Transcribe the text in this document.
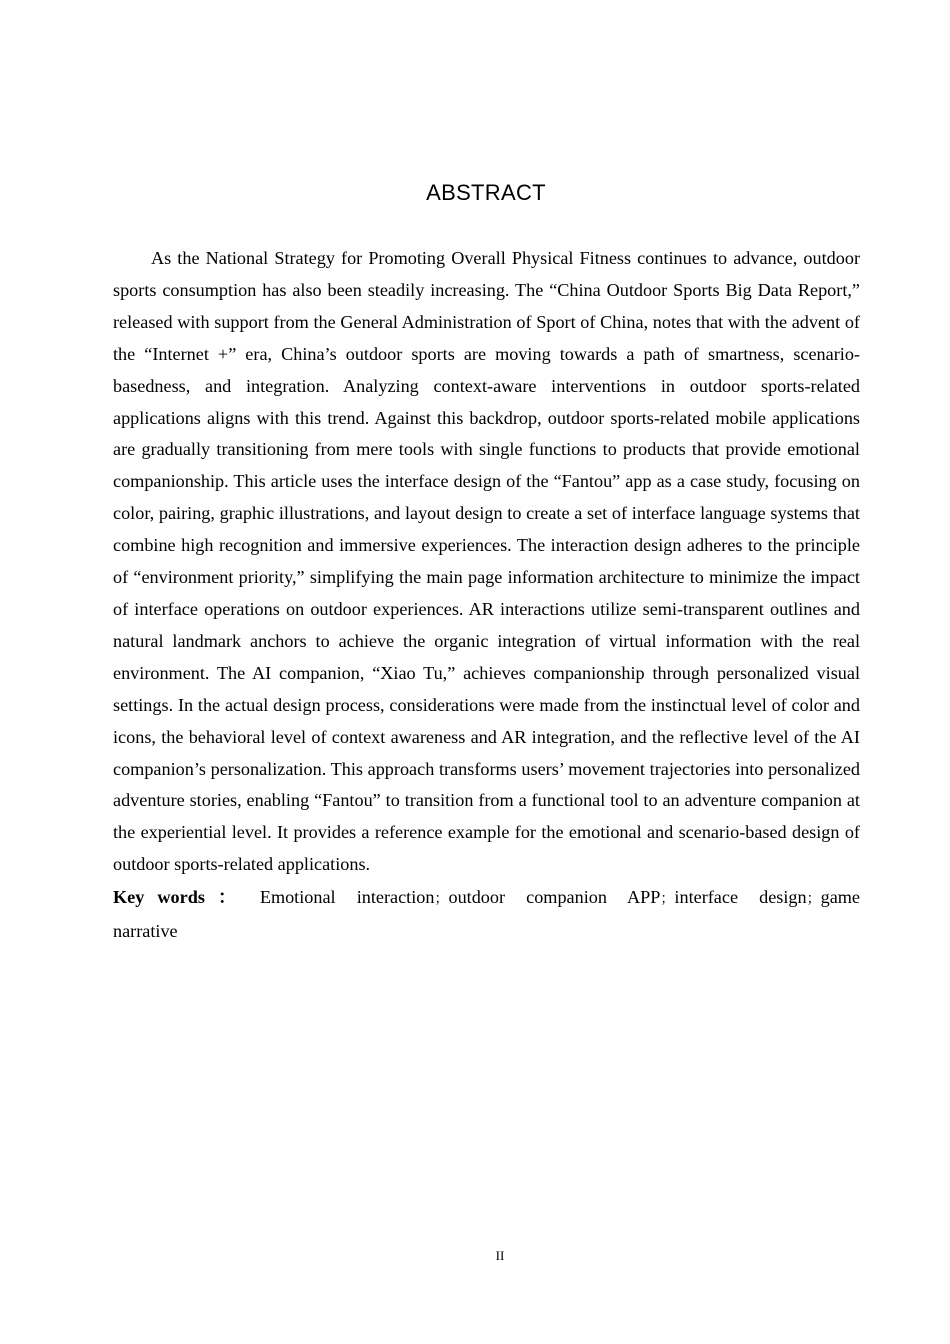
ABSTRACT

As the National Strategy for Promoting Overall Physical Fitness continues to advance, outdoor sports consumption has also been steadily increasing. The “China Outdoor Sports Big Data Report,” released with support from the General Administration of Sport of China, notes that with the advent of the “Internet +” era, China’s outdoor sports are moving towards a path of smartness, scenario-basedness, and integration. Analyzing context-aware interventions in outdoor sports-related applications aligns with this trend. Against this backdrop, outdoor sports-related mobile applications are gradually transitioning from mere tools with single functions to products that provide emotional companionship. This article uses the interface design of the “Fantou” app as a case study, focusing on color, pairing, graphic illustrations, and layout design to create a set of interface language systems that combine high recognition and immersive experiences. The interaction design adheres to the principle of “environment priority,” simplifying the main page information architecture to minimize the impact of interface operations on outdoor experiences. AR interactions utilize semi-transparent outlines and natural landmark anchors to achieve the organic integration of virtual information with the real environment. The AI companion, “Xiao Tu,” achieves companionship through personalized visual settings. In the actual design process, considerations were made from the instinctual level of color and icons, the behavioral level of context awareness and AR integration, and the reflective level of the AI companion’s personalization. This approach transforms users’ movement trajectories into personalized adventure stories, enabling “Fantou” to transition from a functional tool to an adventure companion at the experiential level. It provides a reference example for the emotional and scenario-based design of outdoor sports-related applications.

Key words ： Emotional interaction；outdoor companion APP；interface design；game narrative

II
